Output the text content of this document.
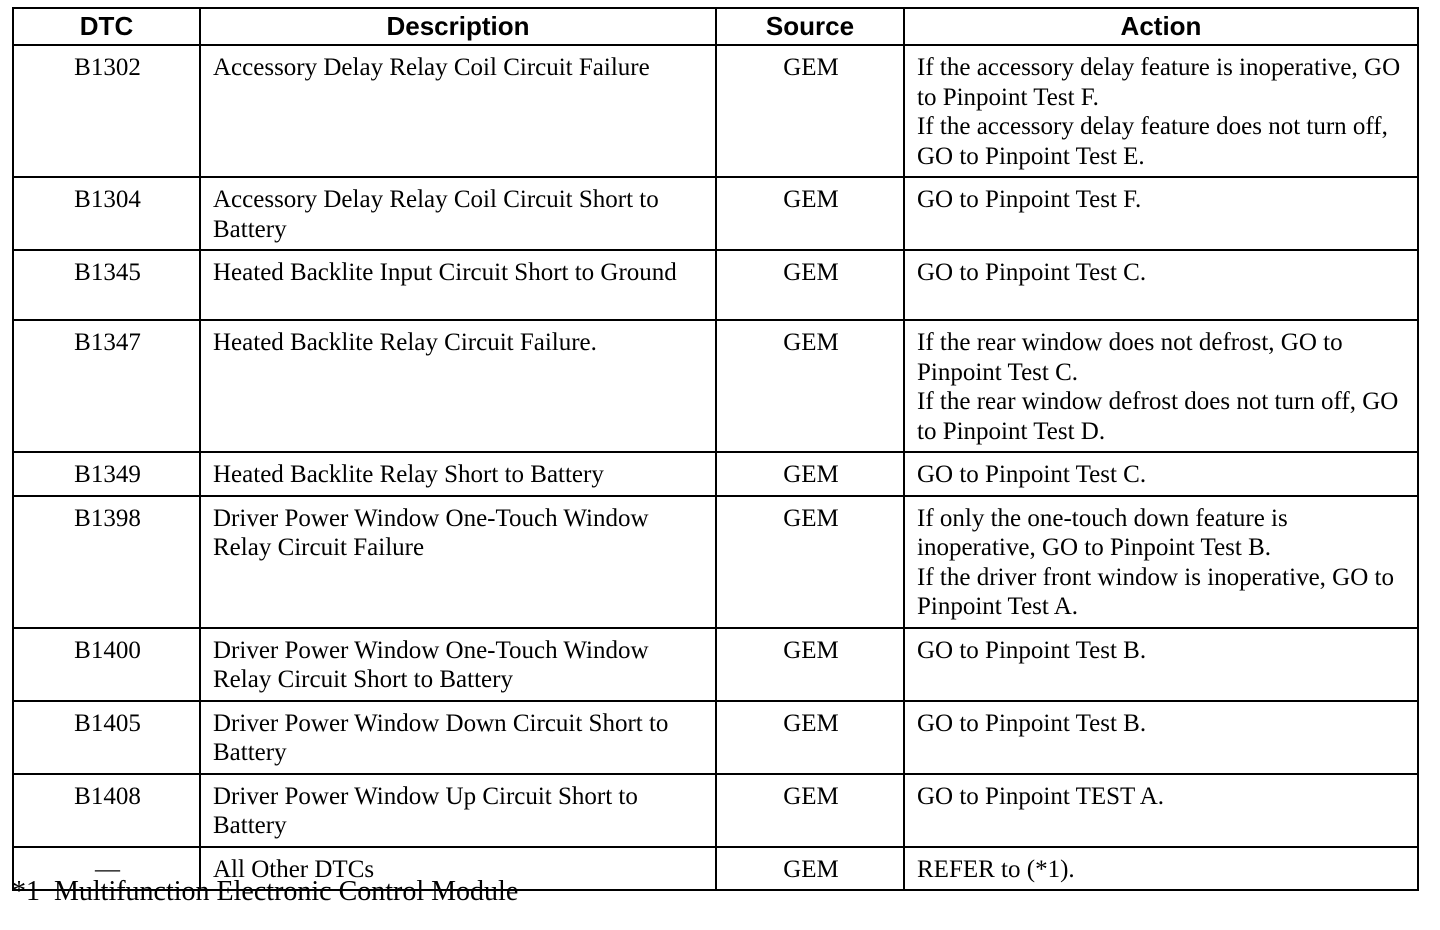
DTC	Description	Source	Action
B1302	Accessory Delay Relay Coil Circuit Failure	GEM	If the accessory delay feature is inoperative, GO to Pinpoint Test F.
If the accessory delay feature does not turn off, GO to Pinpoint Test E.

B1304	Accessory Delay Relay Coil Circuit Short to Battery	GEM	GO to Pinpoint Test F.

B1345	Heated Backlite Input Circuit Short to Ground	GEM	GO to Pinpoint Test C.

B1347	Heated Backlite Relay Circuit Failure.	GEM	If the rear window does not defrost, GO to Pinpoint Test C.
If the rear window defrost does not turn off, GO to Pinpoint Test D.

B1349	Heated Backlite Relay Short to Battery	GEM	GO to Pinpoint Test C.

B1398	Driver Power Window One-Touch Window Relay Circuit Failure	GEM	If only the one-touch down feature is inoperative, GO to Pinpoint Test B.
If the driver front window is inoperative, GO to Pinpoint Test A.

B1400	Driver Power Window One-Touch Window Relay Circuit Short to Battery	GEM	GO to Pinpoint Test B.

B1405	Driver Power Window Down Circuit Short to Battery	GEM	GO to Pinpoint Test B.

B1408	Driver Power Window Up Circuit Short to Battery	GEM	GO to Pinpoint TEST A.

—	All Other DTCs	GEM	REFER to (*1).
*1 Multifunction Electronic Control Module
